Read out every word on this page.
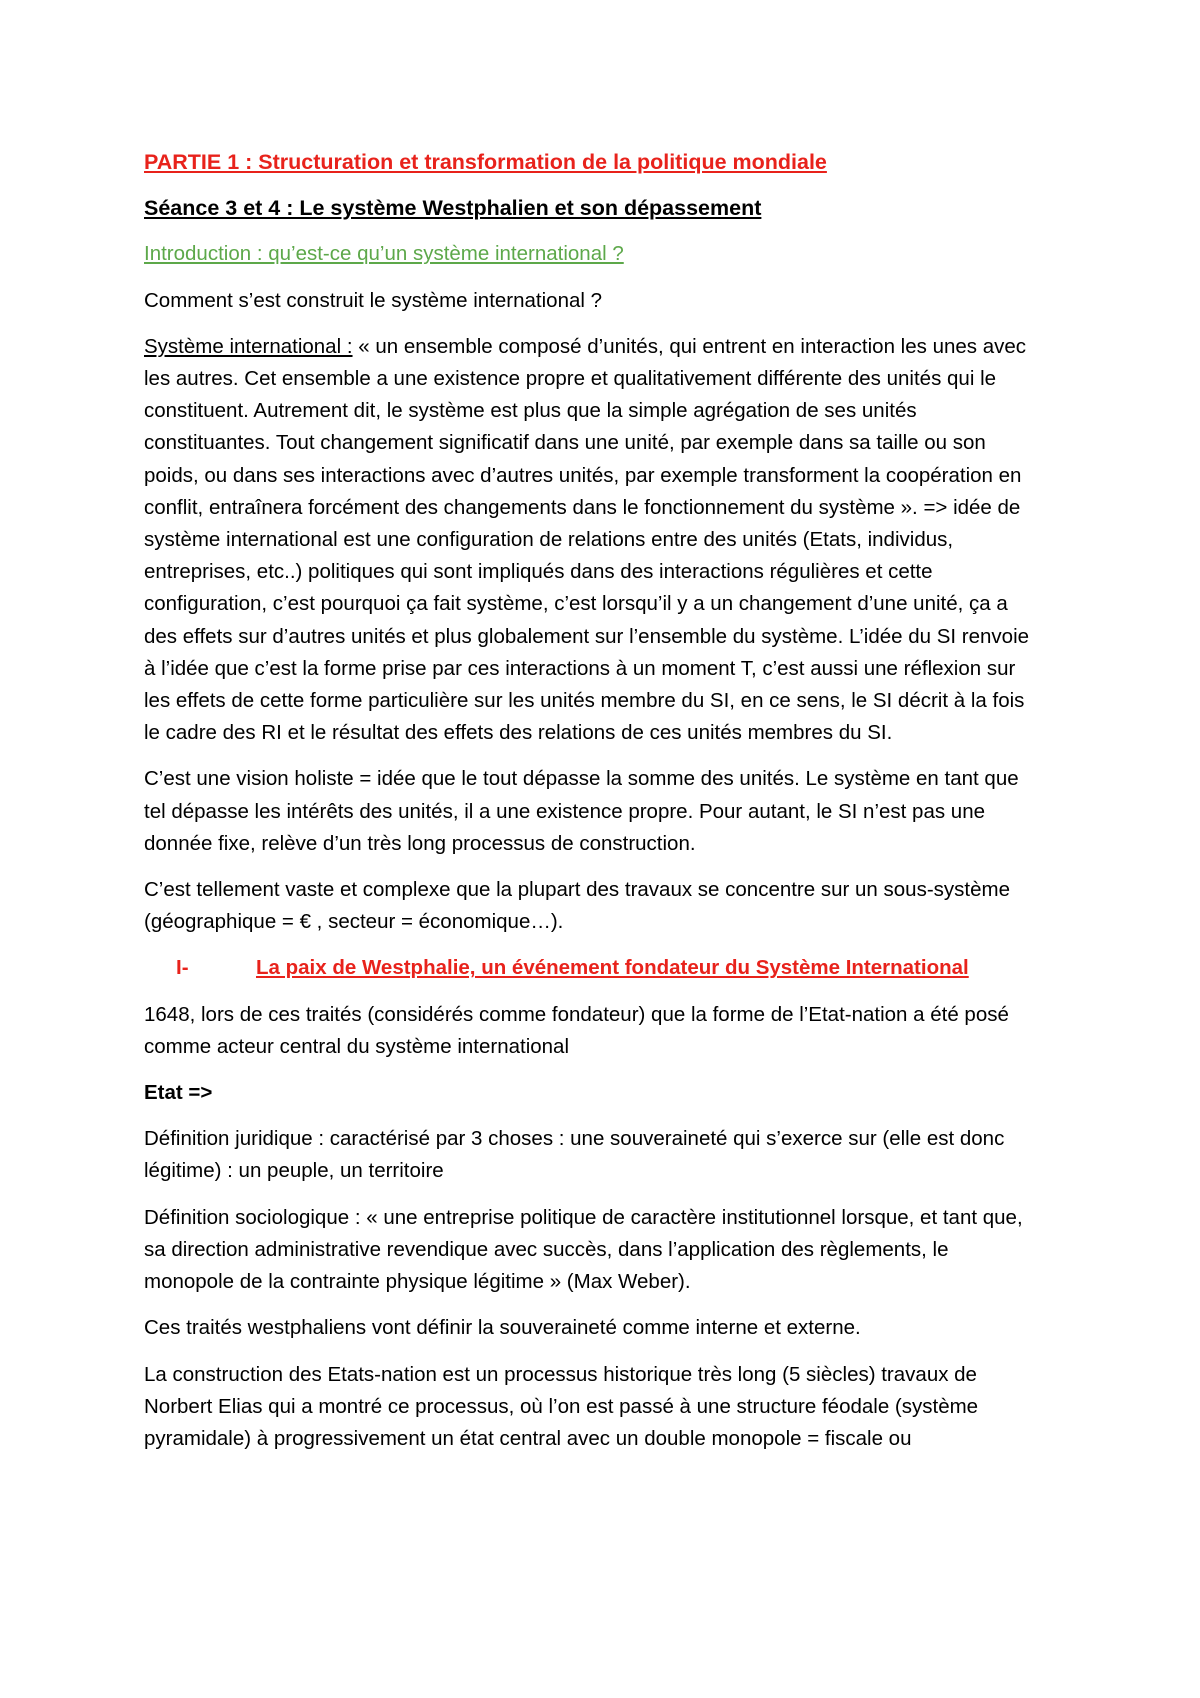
PARTIE 1 : Structuration et transformation de la politique mondiale
Séance 3 et 4 : Le système Westphalien et son dépassement
Introduction : qu’est-ce qu’un système international ?

Comment s’est construit le système international ?

Système international : « un ensemble composé d’unités, qui entrent en interaction les unes avec les autres. Cet ensemble a une existence propre et qualitativement différente des unités qui le constituent. Autrement dit, le système est plus que la simple agrégation de ses unités constituantes. Tout changement significatif dans une unité, par exemple dans sa taille ou son poids, ou dans ses interactions avec d’autres unités, par exemple transforment la coopération en conflit, entraînera forcément des changements dans le fonctionnement du système ». => idée de système international est une configuration de relations entre des unités (Etats, individus, entreprises, etc..) politiques qui sont impliqués dans des interactions régulières et cette configuration, c’est pourquoi ça fait système, c’est lorsqu’il y a un changement d’une unité, ça a des effets sur d’autres unités et plus globalement sur l’ensemble du système. L’idée du SI renvoie à l’idée que c’est la forme prise par ces interactions à un moment T, c’est aussi une réflexion sur les effets de cette forme particulière sur les unités membre du SI, en ce sens, le SI décrit à la fois le cadre des RI et le résultat des effets des relations de ces unités membres du SI.

C’est une vision holiste = idée que le tout dépasse la somme des unités. Le système en tant que tel dépasse les intérêts des unités, il a une existence propre. Pour autant, le SI n’est pas une donnée fixe, relève d’un très long processus de construction.

C’est tellement vaste et complexe que la plupart des travaux se concentre sur un sous-système (géographique = € , secteur = économique…).

I-	La paix de Westphalie, un événement fondateur du Système International

1648, lors de ces traités (considérés comme fondateur) que la forme de l’Etat-nation a été posé comme acteur central du système international

Etat =>

Définition juridique : caractérisé par 3 choses : une souveraineté qui s’exerce sur (elle est donc légitime) : un peuple, un territoire

Définition sociologique : « une entreprise politique de caractère institutionnel lorsque, et tant que, sa direction administrative revendique avec succès, dans l’application des règlements, le monopole de la contrainte physique légitime » (Max Weber).

Ces traités westphaliens vont définir la souveraineté comme interne et externe.

La construction des Etats-nation est un processus historique très long (5 siècles) travaux de Norbert Elias qui a montré ce processus, où l’on est passé à une structure féodale (système pyramidale) à progressivement un état central avec un double monopole = fiscale ou
